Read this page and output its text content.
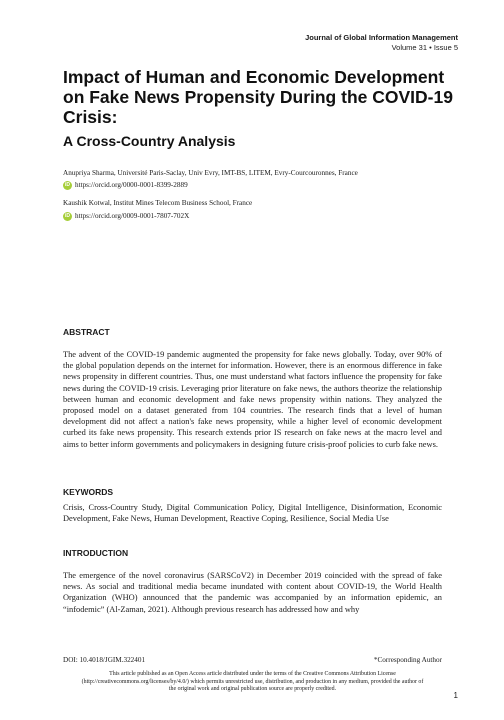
Journal of Global Information Management
Volume 31 • Issue 5
Impact of Human and Economic Development on Fake News Propensity During the COVID-19 Crisis:
A Cross-Country Analysis
Anupriya Sharma, Université Paris-Saclay, Univ Evry, IMT-BS, LITEM, Evry-Courcouronnes, France
iD https://orcid.org/0000-0001-8399-2889
Kaushik Kotwal, Institut Mines Telecom Business School, France
iD https://orcid.org/0009-0001-7807-702X
ABSTRACT
The advent of the COVID-19 pandemic augmented the propensity for fake news globally. Today, over 90% of the global population depends on the internet for information. However, there is an enormous difference in fake news propensity in different countries. Thus, one must understand what factors influence the propensity for fake news during the COVID-19 crisis. Leveraging prior literature on fake news, the authors theorize the relationship between human and economic development and fake news propensity within nations. They analyzed the proposed model on a dataset generated from 104 countries. The research finds that a level of human development did not affect a nation's fake news propensity, while a higher level of economic development curbed its fake news propensity. This research extends prior IS research on fake news at the macro level and aims to better inform governments and policymakers in designing future crisis-proof policies to curb fake news.
KEYWORDS
Crisis, Cross-Country Study, Digital Communication Policy, Digital Intelligence, Disinformation, Economic Development, Fake News, Human Development, Reactive Coping, Resilience, Social Media Use
INTRODUCTION
The emergence of the novel coronavirus (SARSCoV2) in December 2019 coincided with the spread of fake news. As social and traditional media became inundated with content about COVID-19, the World Health Organization (WHO) announced that the pandemic was accompanied by an information epidemic, an “infodemic” (Al-Zaman, 2021). Although previous research has addressed how and why
DOI: 10.4018/JGIM.322401	*Corresponding Author
This article published as an Open Access article distributed under the terms of the Creative Commons Attribution License (http://creativecommons.org/licenses/by/4.0/) which permits unrestricted use, distribution, and production in any medium, provided the author of the original work and original publication source are properly credited.
1
